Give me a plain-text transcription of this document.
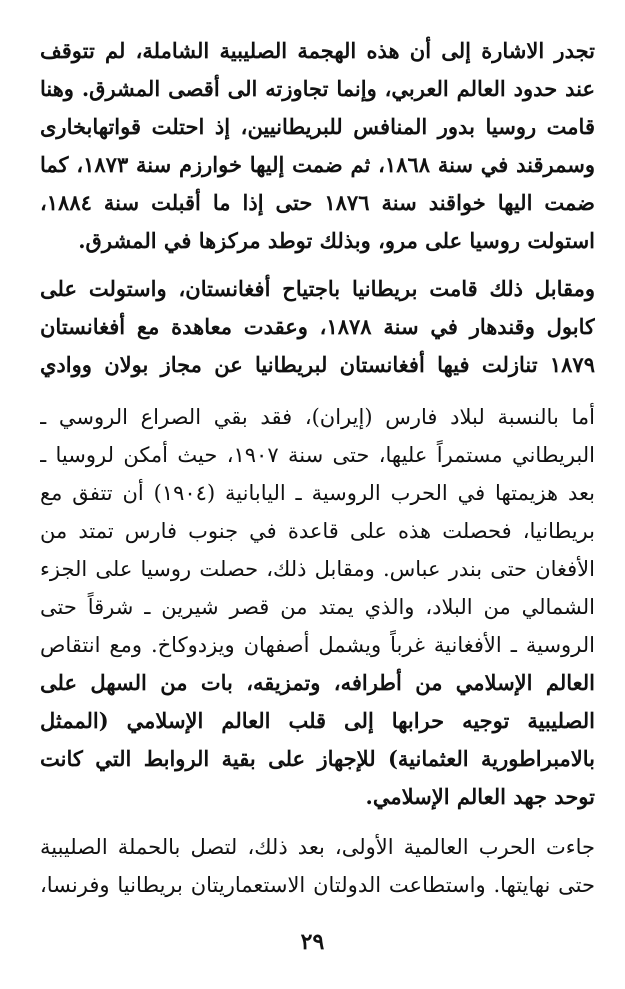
تجدر الاشارة إلى أن هذه الهجمة الصليبية الشاملة، لم تتوقف
عند حدود العالم العربي، وإنما تجاوزته الى أقصى المشرق. وهنا
قامت روسيا بدور المنافس للبريطانيين، إذ احتلت قواتهابخارى
وسمرقند في سنة ١٨٦٨، ثم ضمت إليها خوارزم سنة ١٨٧٣، كما
ضمت اليها خواقند سنة ١٨٧٦ حتى إذا ما أقبلت سنة ١٨٨٤،
استولت روسيا على مرو، وبذلك توطد مركزها في المشرق.
ومقابل ذلك قامت بريطانيا باجتياح أفغانستان، واستولت على
كابول وقندهار في سنة ١٨٧٨، وعقدت معاهدة مع أفغانستان
١٨٧٩ تنازلت فيها أفغانستان لبريطانيا عن مجاز بولان ووادي
أما بالنسبة لبلاد فارس (إيران)، فقد بقي الصراع الروسي ـ
البريطاني مستمراً عليها، حتى سنة ١٩٠٧، حيث أمكن لروسيا ـ
بعد هزيمتها في الحرب الروسية ـ اليابانية (١٩٠٤) أن تتفق مع
بريطانيا، فحصلت هذه على قاعدة في جنوب فارس تمتد من
الأفغان حتى بندر عباس. ومقابل ذلك، حصلت روسيا على الجزء
الشمالي من البلاد، والذي يمتد من قصر شيرين ـ شرقاً حتى
الروسية ـ الأفغانية غرباً ويشمل أصفهان ويزدوكاخ. ومع انتقاص
العالم الإسلامي من أطرافه، وتمزيقه، بات من السهل على
الصليبية توجيه حرابها إلى قلب العالم الإسلامي (الممثل
بالامبراطورية العثمانية) للإجهاز على بقية الروابط التي كانت
توحد جهد العالم الإسلامي.
جاءت الحرب العالمية الأولى، بعد ذلك، لتصل بالحملة الصليبية
حتى نهايتها. واستطاعت الدولتان الاستعماريتان بريطانيا وفرنسا،
٢٩
